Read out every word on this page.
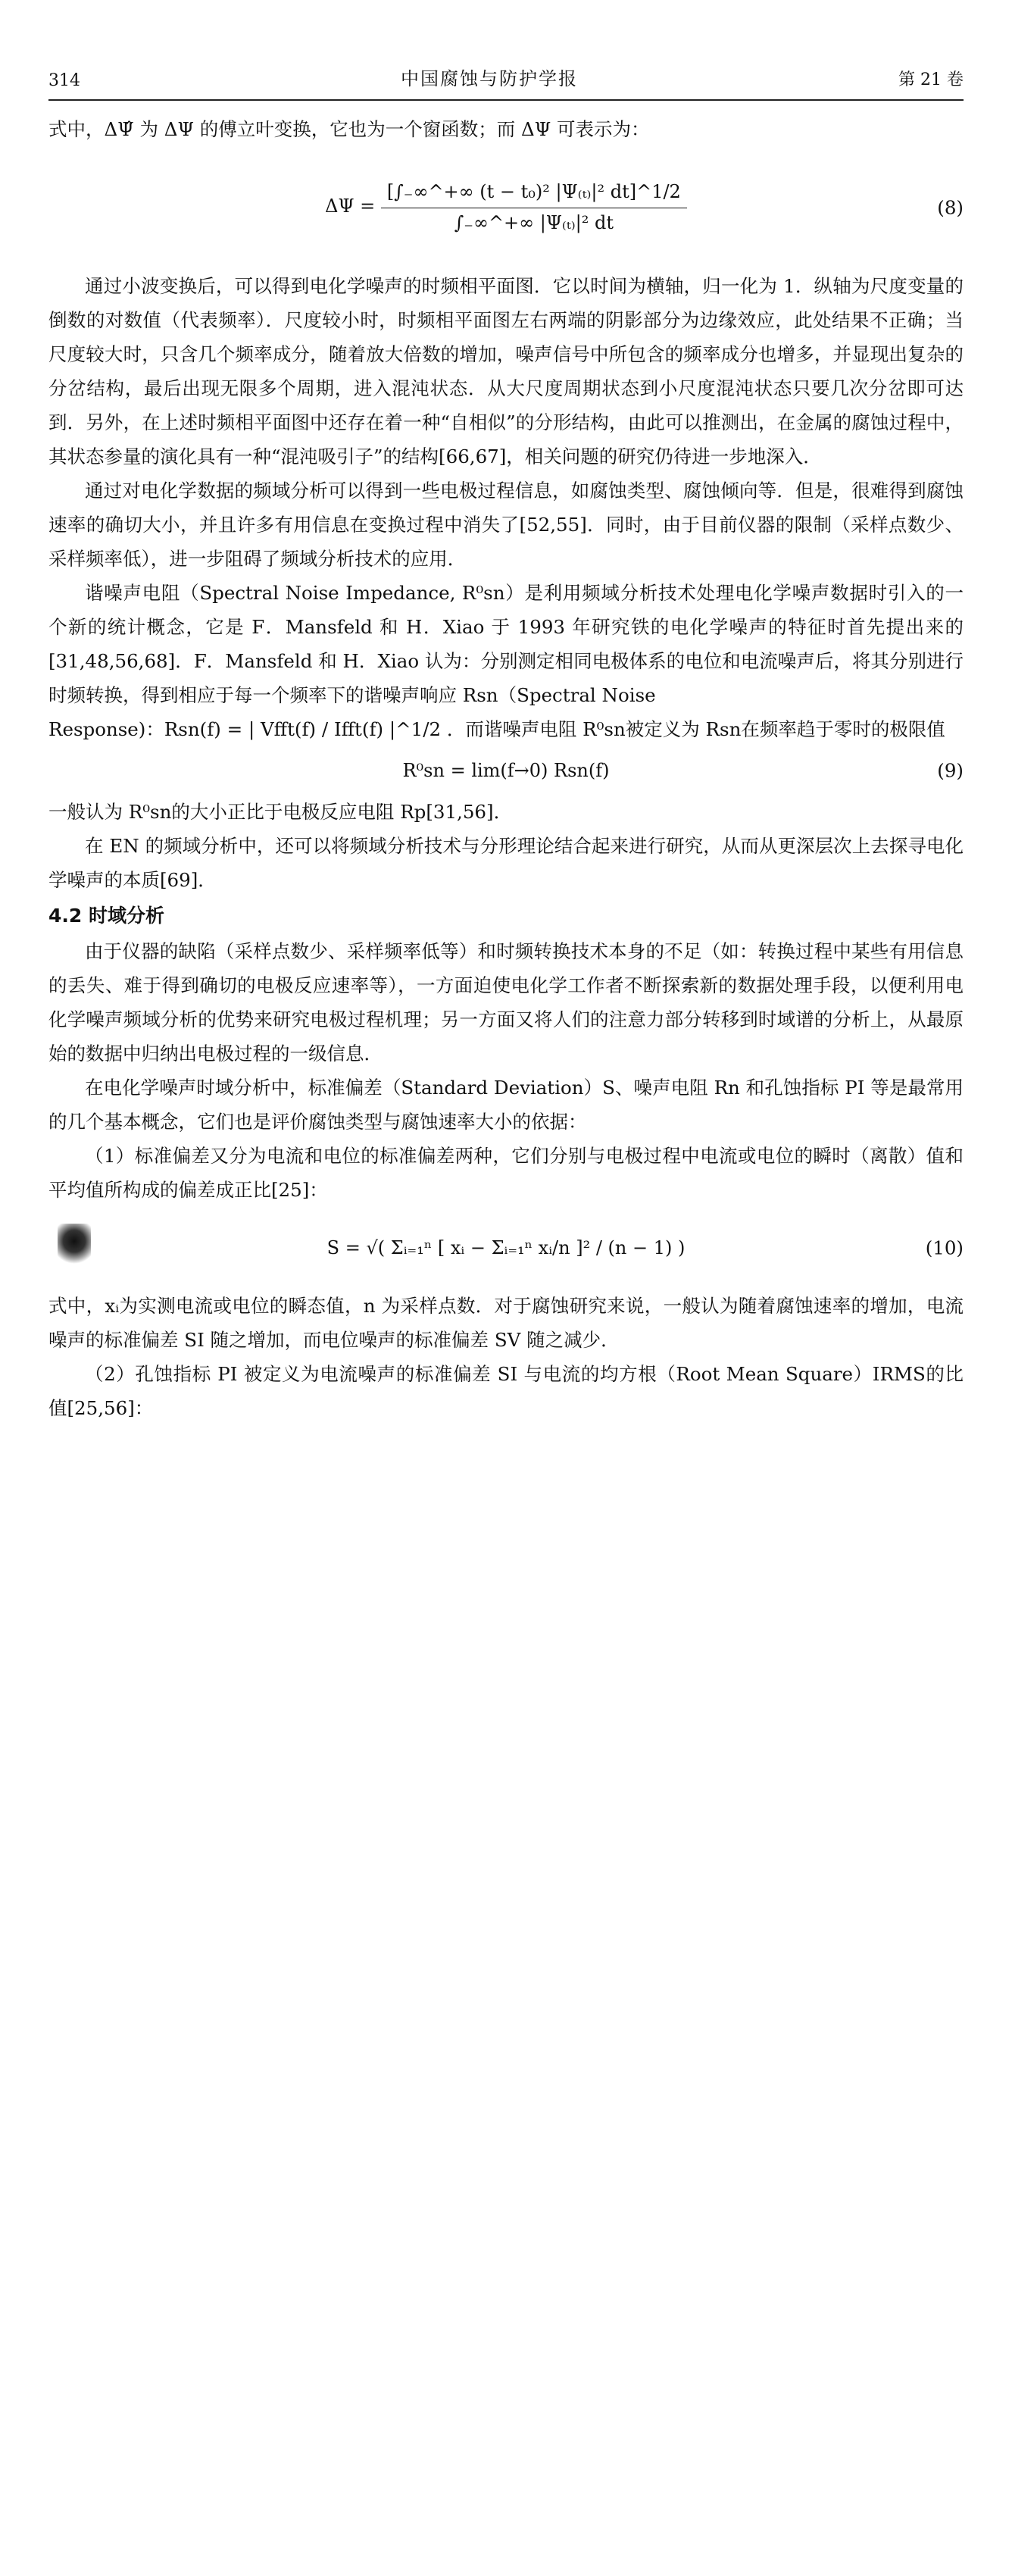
314	中国腐蚀与防护学报	第 21 卷

式中，ΔΨ̂ 为 ΔΨ 的傅立叶变换，它也为一个窗函数；而 ΔΨ 可表示为：

$\Delta\Psi = \frac{\text{[∫₋∞\textasciicircum{}+∞ (t − t₀)² |Ψ₍ₜ₎|² dt]\textasciicircum{}1/2}}{\text{∫₋∞\textasciicircum{}+∞ |Ψ₍ₜ₎|² dt}}$	(8)

通过小波变换后，可以得到电化学噪声的时频相平面图．它以时间为横轴，归一化为 1．纵轴为尺度变量的倒数的对数值（代表频率）．尺度较小时，时频相平面图左右两端的阴影部分为边缘效应，此处结果不正确；当尺度较大时，只含几个频率成分，随着放大倍数的增加，噪声信号中所包含的频率成分也增多，并显现出复杂的分岔结构，最后出现无限多个周期，进入混沌状态．从大尺度周期状态到小尺度混沌状态只要几次分岔即可达到．另外，在上述时频相平面图中还存在着一种“自相似”的分形结构，由此可以推测出，在金属的腐蚀过程中，其状态参量的演化具有一种“混沌吸引子”的结构[66,67]，相关问题的研究仍待进一步地深入．

通过对电化学数据的频域分析可以得到一些电极过程信息，如腐蚀类型、腐蚀倾向等．但是，很难得到腐蚀速率的确切大小，并且许多有用信息在变换过程中消失了[52,55]．同时，由于目前仪器的限制（采样点数少、采样频率低），进一步阻碍了频域分析技术的应用．

谐噪声电阻（Spectral Noise Impedance, R⁰sn）是利用频域分析技术处理电化学噪声数据时引入的一个新的统计概念，它是 F．Mansfeld 和 H．Xiao 于 1993 年研究铁的电化学噪声的特征时首先提出来的[31,48,56,68]．F．Mansfeld 和 H．Xiao 认为：分别测定相同电极体系的电位和电流噪声后，将其分别进行时频转换，得到相应于每一个频率下的谐噪声响应 Rsn（Spectral Noise

Response)：Rsn(f) = | Vfft(f) / Ifft(f) |^1/2 ．而谐噪声电阻 R⁰sn被定义为 Rsn在频率趋于零时的极限值

R⁰sn = lim(f→0) Rsn(f)	(9)

一般认为 R⁰sn的大小正比于电极反应电阻 Rp[31,56]．

在 EN 的频域分析中，还可以将频域分析技术与分形理论结合起来进行研究，从而从更深层次上去探寻电化学噪声的本质[69]．

4.2 时域分析

由于仪器的缺陷（采样点数少、采样频率低等）和时频转换技术本身的不足（如：转换过程中某些有用信息的丢失、难于得到确切的电极反应速率等），一方面迫使电化学工作者不断探索新的数据处理手段，以便利用电化学噪声频域分析的优势来研究电极过程机理；另一方面又将人们的注意力部分转移到时域谱的分析上，从最原始的数据中归纳出电极过程的一级信息．

在电化学噪声时域分析中，标准偏差（Standard Deviation）S、噪声电阻 Rn 和孔蚀指标 PI 等是最常用的几个基本概念，它们也是评价腐蚀类型与腐蚀速率大小的依据：

（1）标准偏差又分为电流和电位的标准偏差两种，它们分别与电极过程中电流或电位的瞬时（离散）值和平均值所构成的偏差成正比[25]：

S = √( Σᵢ₌₁ⁿ [ xᵢ − Σᵢ₌₁ⁿ xᵢ/n ]² / (n − 1) )	(10)

式中，xᵢ为实测电流或电位的瞬态值，n 为采样点数．对于腐蚀研究来说，一般认为随着腐蚀速率的增加，电流噪声的标准偏差 SI 随之增加，而电位噪声的标准偏差 SV 随之减少．

（2）孔蚀指标 PI 被定义为电流噪声的标准偏差 SI 与电流的均方根（Root Mean Square）IRMS的比值[25,56]：
